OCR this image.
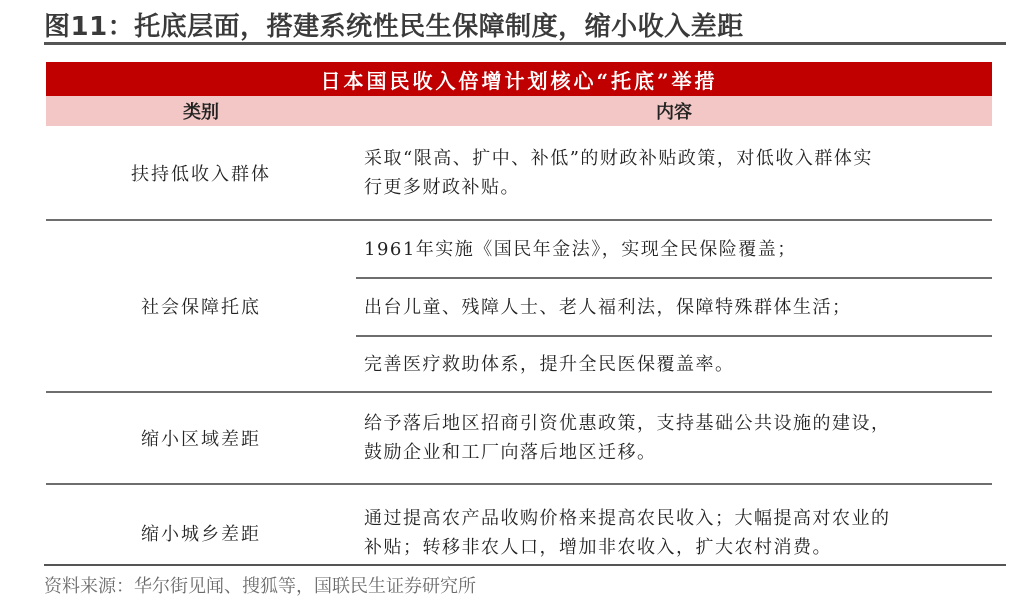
图11：托底层面，搭建系统性民生保障制度，缩小收入差距
日本国民收入倍增计划核心“托底”举措
类别	内容
扶持低收入群体
采取“限高、扩中、补低”的财政补贴政策，对低收入群体实
行更多财政补贴。
社会保障托底
1961年实施《国民年金法》，实现全民保险覆盖；
出台儿童、残障人士、老人福利法，保障特殊群体生活；
完善医疗救助体系，提升全民医保覆盖率。
缩小区域差距
给予落后地区招商引资优惠政策，支持基础公共设施的建设，
鼓励企业和工厂向落后地区迁移。
缩小城乡差距
通过提高农产品收购价格来提高农民收入；大幅提高对农业的
补贴；转移非农人口，增加非农收入，扩大农村消费。
资料来源：华尔街见闻、搜狐等，国联民生证券研究所
